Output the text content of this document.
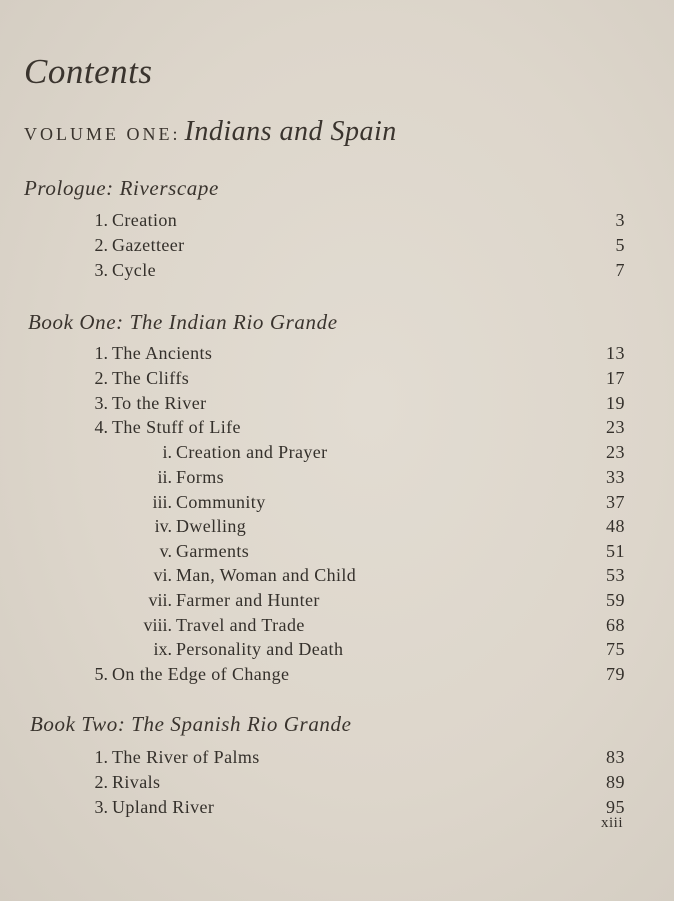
Contents
VOLUME ONE: Indians and Spain
Prologue: Riverscape
1. Creation	3
2. Gazetteer	5
3. Cycle	7
Book One: The Indian Rio Grande
1. The Ancients	13
2. The Cliffs	17
3. To the River	19
4. The Stuff of Life	23
i. Creation and Prayer	23
ii. Forms	33
iii. Community	37
iv. Dwelling	48
v. Garments	51
vi. Man, Woman and Child	53
vii. Farmer and Hunter	59
viii. Travel and Trade	68
ix. Personality and Death	75
5. On the Edge of Change	79
Book Two: The Spanish Rio Grande
1. The River of Palms	83
2. Rivals	89
3. Upland River	95
xiii
